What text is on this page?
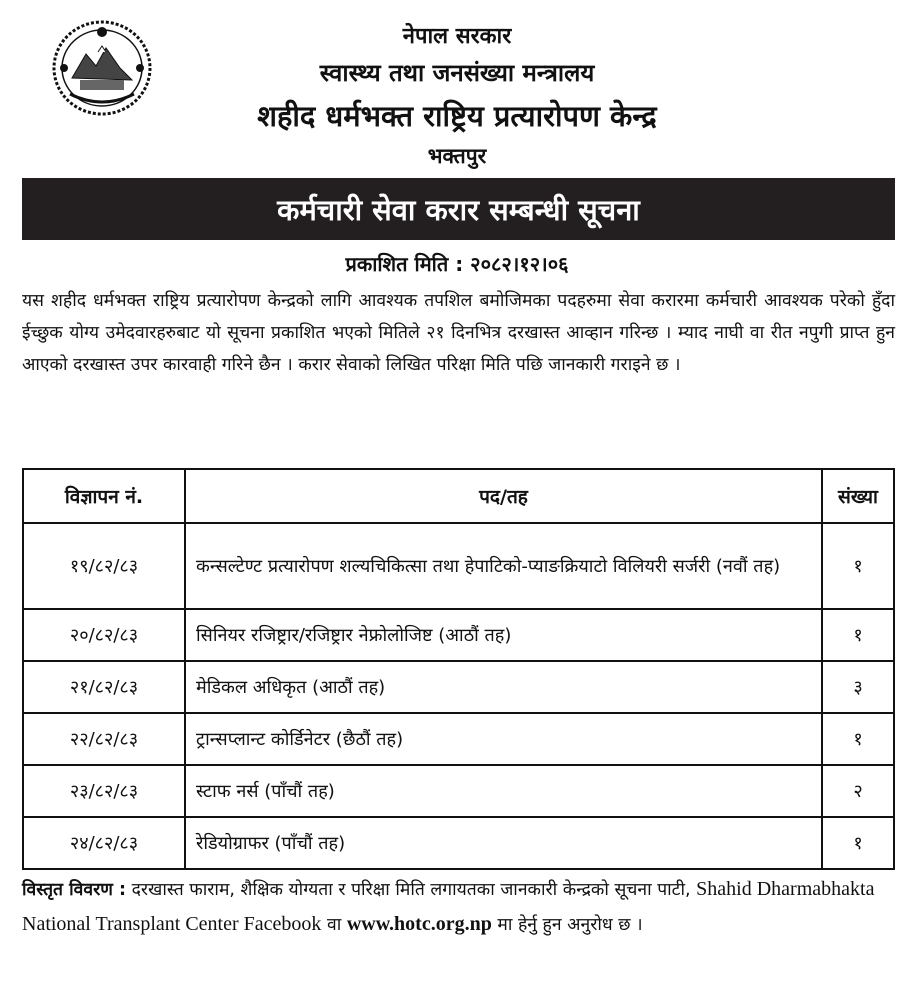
नेपाल सरकार
स्वास्थ्य तथा जनसंख्या मन्त्रालय
शहीद धर्मभक्त राष्ट्रिय प्रत्यारोपण केन्द्र
भक्तपुर
कर्मचारी सेवा करार सम्बन्धी सूचना
प्रकाशित मिति : २०८२।१२।०६
यस शहीद धर्मभक्त राष्ट्रिय प्रत्यारोपण केन्द्रको लागि आवश्यक तपशिल बमोजिमका पदहरुमा सेवा करारमा कर्मचारी आवश्यक परेको हुँदा ईच्छुक योग्य उमेदवारहरुबाट यो सूचना प्रकाशित भएको मितिले २१ दिनभित्र दरखास्त आव्हान गरिन्छ । म्याद नाघी वा रीत नपुगी प्राप्त हुन आएको दरखास्त उपर कारवाही गरिने छैन । करार सेवाको लिखित परिक्षा मिति पछि जानकारी गराइने छ ।
विज्ञापन नं.	पद/तह	संख्या
१९/८२/८३	कन्सल्टेण्ट प्रत्यारोपण शल्यचिकित्सा तथा हेपाटिको-प्याङक्रियाटो विलियरी सर्जरी (नवौं तह)	१
२०/८२/८३	सिनियर रजिष्ट्रार/रजिष्ट्रार नेफ्रोलोजिष्ट (आठौं तह)	१
२१/८२/८३	मेडिकल अधिकृत (आठौं तह)	३
२२/८२/८३	ट्रान्सप्लान्ट कोर्डिनेटर (छैठौं तह)	१
२३/८२/८३	स्टाफ नर्स (पाँचौं तह)	२
२४/८२/८३	रेडियोग्राफर (पाँचौं तह)	१
विस्तृत विवरण : दरखास्त फाराम, शैक्षिक योग्यता र परिक्षा मिति लगायतका जानकारी केन्द्रको सूचना पाटी, Shahid Dharmabhakta National Transplant Center Facebook वा www.hotc.org.np मा हेर्नु हुन अनुरोध छ ।
